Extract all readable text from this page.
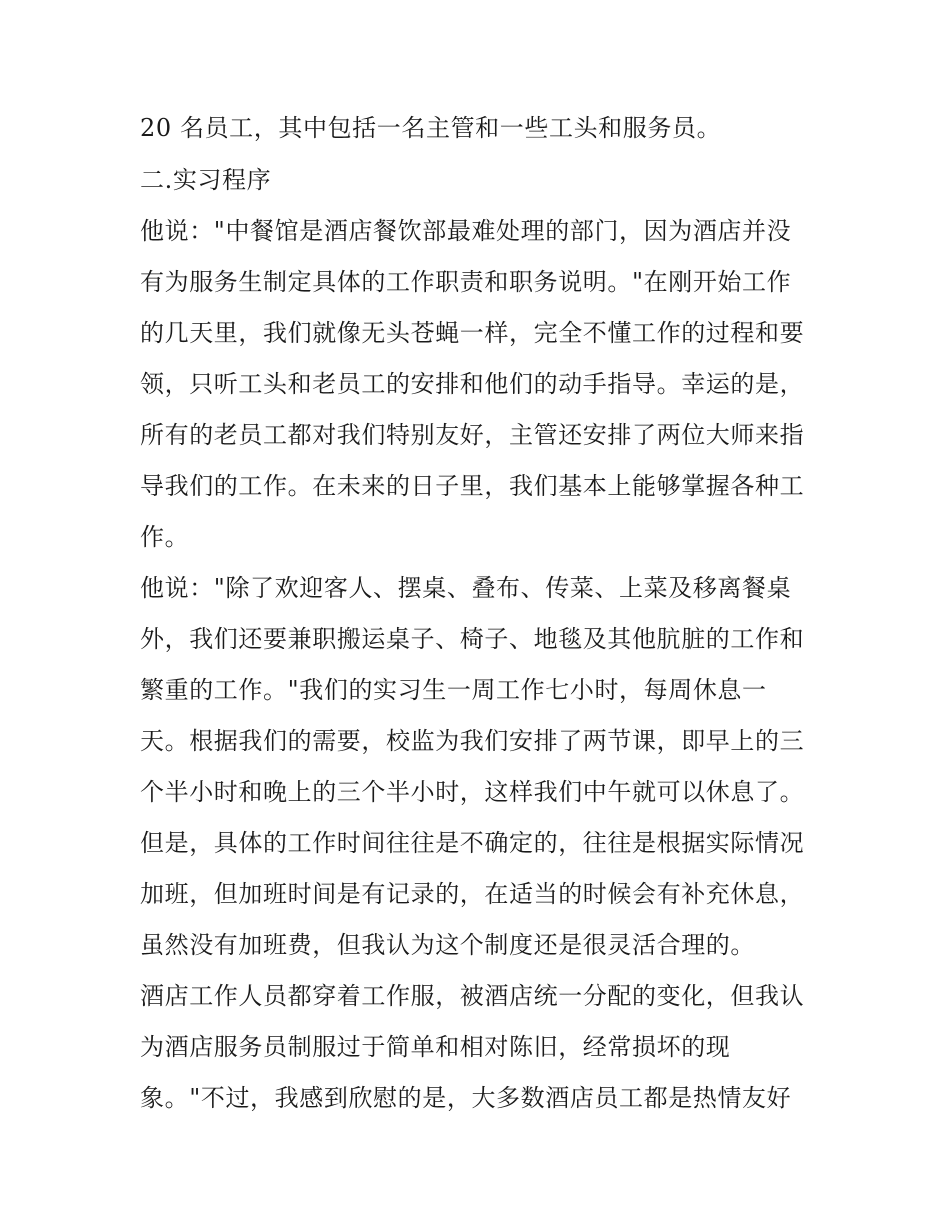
20 名员工，其中包括一名主管和一些工头和服务员。

二.实习程序

他说："中餐馆是酒店餐饮部最难处理的部门，因为酒店并没

有为服务生制定具体的工作职责和职务说明。"在刚开始工作

的几天里，我们就像无头苍蝇一样，完全不懂工作的过程和要

领，只听工头和老员工的安排和他们的动手指导。幸运的是，

所有的老员工都对我们特别友好，主管还安排了两位大师来指

导我们的工作。在未来的日子里，我们基本上能够掌握各种工

作。

他说："除了欢迎客人、摆桌、叠布、传菜、上菜及移离餐桌

外，我们还要兼职搬运桌子、椅子、地毯及其他肮脏的工作和

繁重的工作。"我们的实习生一周工作七小时，每周休息一

天。根据我们的需要，校监为我们安排了两节课，即早上的三

个半小时和晚上的三个半小时，这样我们中午就可以休息了。

但是，具体的工作时间往往是不确定的，往往是根据实际情况

加班，但加班时间是有记录的，在适当的时候会有补充休息，

虽然没有加班费，但我认为这个制度还是很灵活合理的。

酒店工作人员都穿着工作服，被酒店统一分配的变化，但我认

为酒店服务员制服过于简单和相对陈旧，经常损坏的现

象。"不过，我感到欣慰的是，大多数酒店员工都是热情友好
